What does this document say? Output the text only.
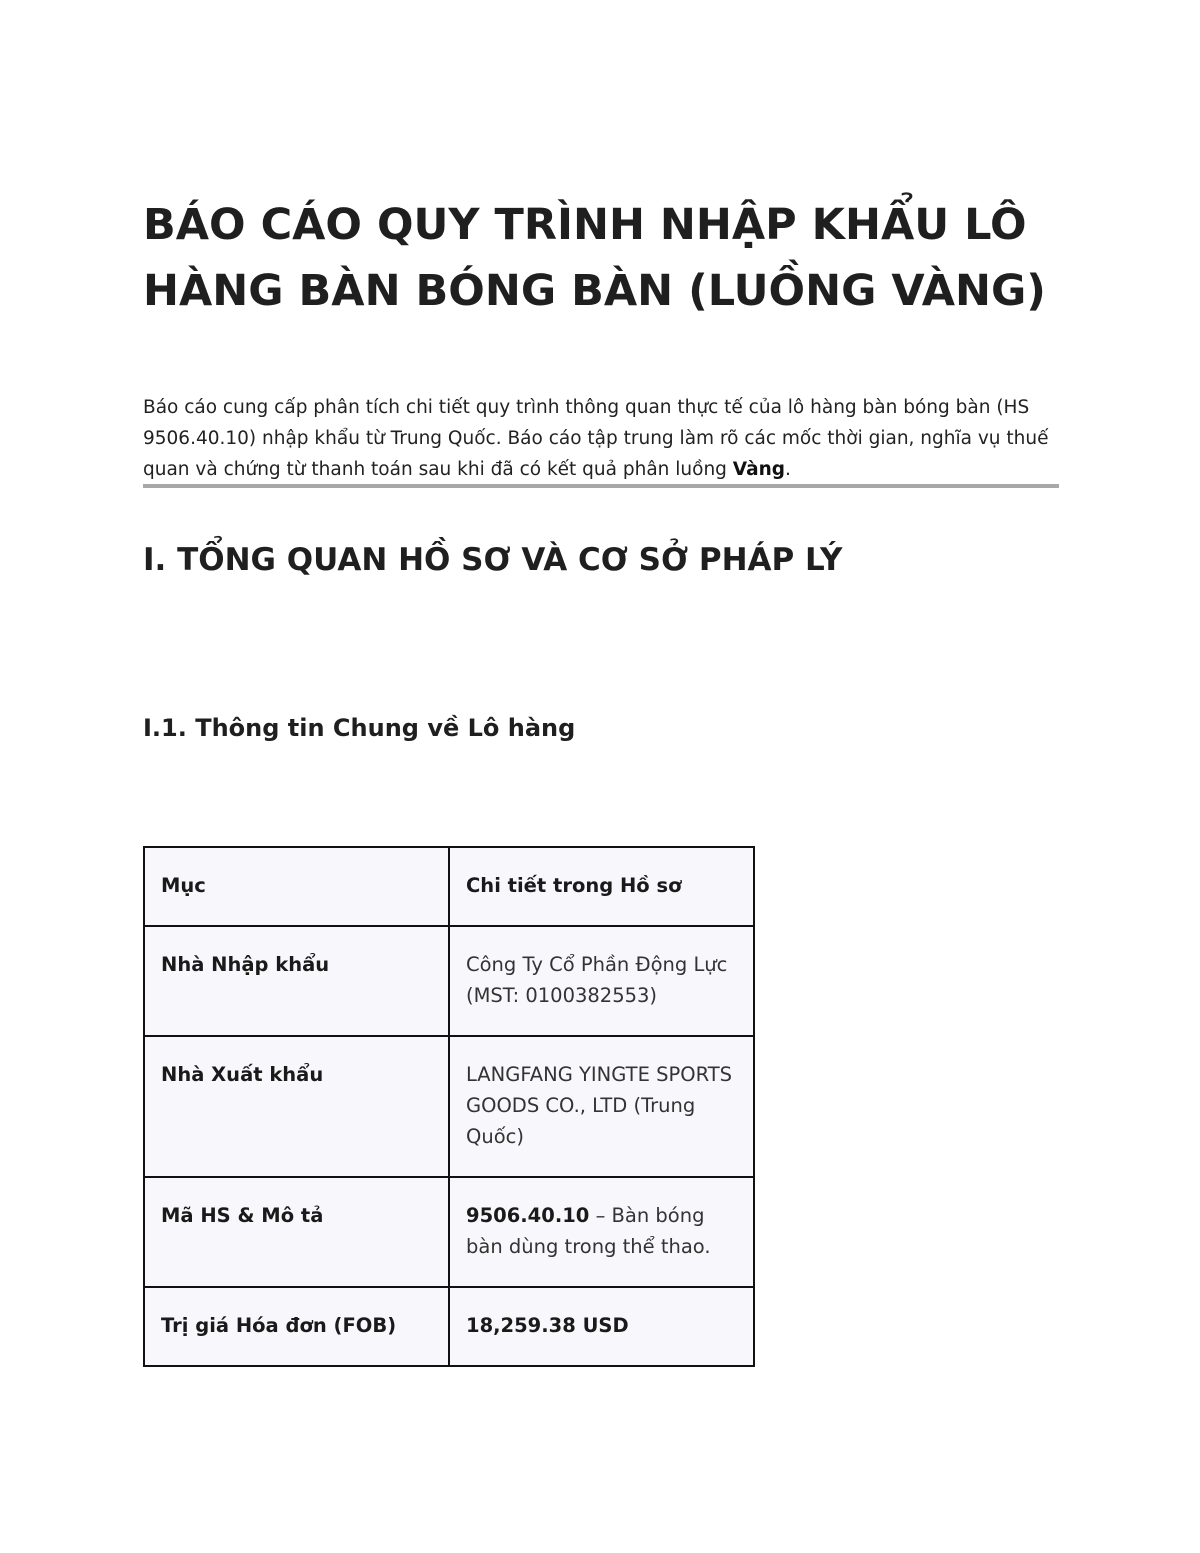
BÁO CÁO QUY TRÌNH NHẬP KHẨU LÔ HÀNG BÀN BÓNG BÀN (LUỒNG VÀNG)

Báo cáo cung cấp phân tích chi tiết quy trình thông quan thực tế của lô hàng bàn bóng bàn (HS 9506.40.10) nhập khẩu từ Trung Quốc. Báo cáo tập trung làm rõ các mốc thời gian, nghĩa vụ thuế quan và chứng từ thanh toán sau khi đã có kết quả phân luồng Vàng.

I. TỔNG QUAN HỒ SƠ VÀ CƠ SỞ PHÁP LÝ
I.1. Thông tin Chung về Lô hàng
Mục	Chi tiết trong Hồ sơ
Nhà Nhập khẩu	Công Ty Cổ Phần Động Lực (MST: 0100382553)
Nhà Xuất khẩu	LANGFANG YINGTE SPORTS GOODS CO., LTD (Trung Quốc)
Mã HS & Mô tả	9506.40.10 – Bàn bóng bàn dùng trong thể thao.
Trị giá Hóa đơn (FOB)	18,259.38 USD
